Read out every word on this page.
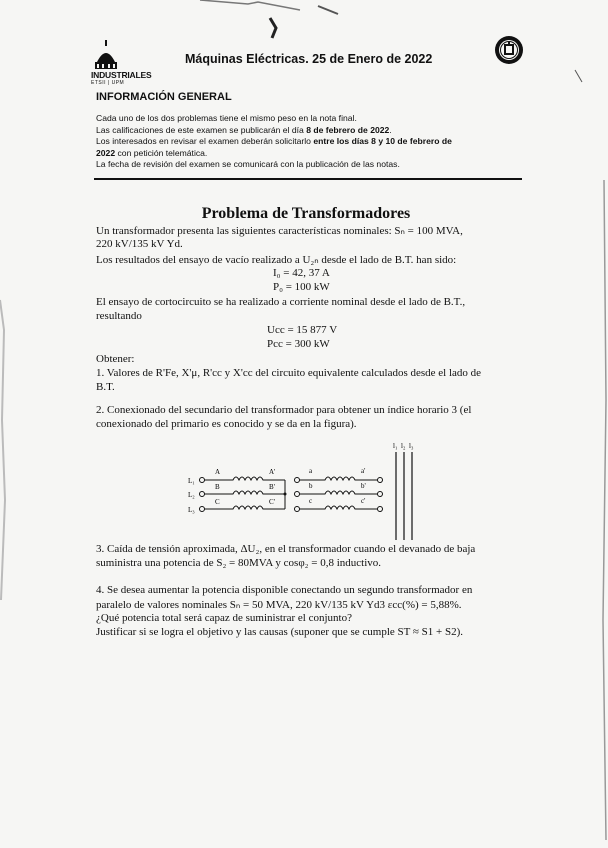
INDUSTRIALES
ETSII | UPM
Máquinas Eléctricas. 25 de Enero de 2022
INFORMACIÓN GENERAL

Cada uno de los dos problemas tiene el mismo peso en la nota final.

Las calificaciones de este examen se publicarán el día 8 de febrero de 2022.

Los interesados en revisar el examen deberán solicitarlo entre los días 8 y 10 de febrero de

2022 con petición telemática.

La fecha de revisión del examen se comunicará con la publicación de las notas.

Problema de Transformadores
Un transformador presenta las siguientes características nominales: Sₙ = 100 MVA,
220 kV/135 kV Yd.
Los resultados del ensayo de vacío realizado a U₂ₙ desde el lado de B.T. han sido:
I₀ = 42, 37 A
P₀ = 100 kW
El ensayo de cortocircuito se ha realizado a corriente nominal desde el lado de B.T.,
resultando
Ucc = 15 877 V
Pcc = 300 kW
Obtener:
1. Valores de R'Fe, X'μ, R'cc y X'cc del circuito equivalente calculados desde el lado de
B.T.
2. Conexionado del secundario del transformador para obtener un índice horario 3 (el
conexionado del primario es conocido y se da en la figura).
L₁
L₂
L₃
A
B
C
A'
B'
C'
a
b
c
a'
b'
c'
l₁ l₂ l₃
3. Caída de tensión aproximada, ΔU₂, en el transformador cuando el devanado de baja
suministra una potencia de S₂ = 80MVA y cosφ₂ = 0,8 inductivo.
4. Se desea aumentar la potencia disponible conectando un segundo transformador en
paralelo de valores nominales Sₙ = 50 MVA, 220 kV/135 kV Yd3 εcc(%) = 5,88%.
¿Qué potencia total será capaz de suministrar el conjunto?
Justificar si se logra el objetivo y las causas (suponer que se cumple ST ≈ S1 + S2).
